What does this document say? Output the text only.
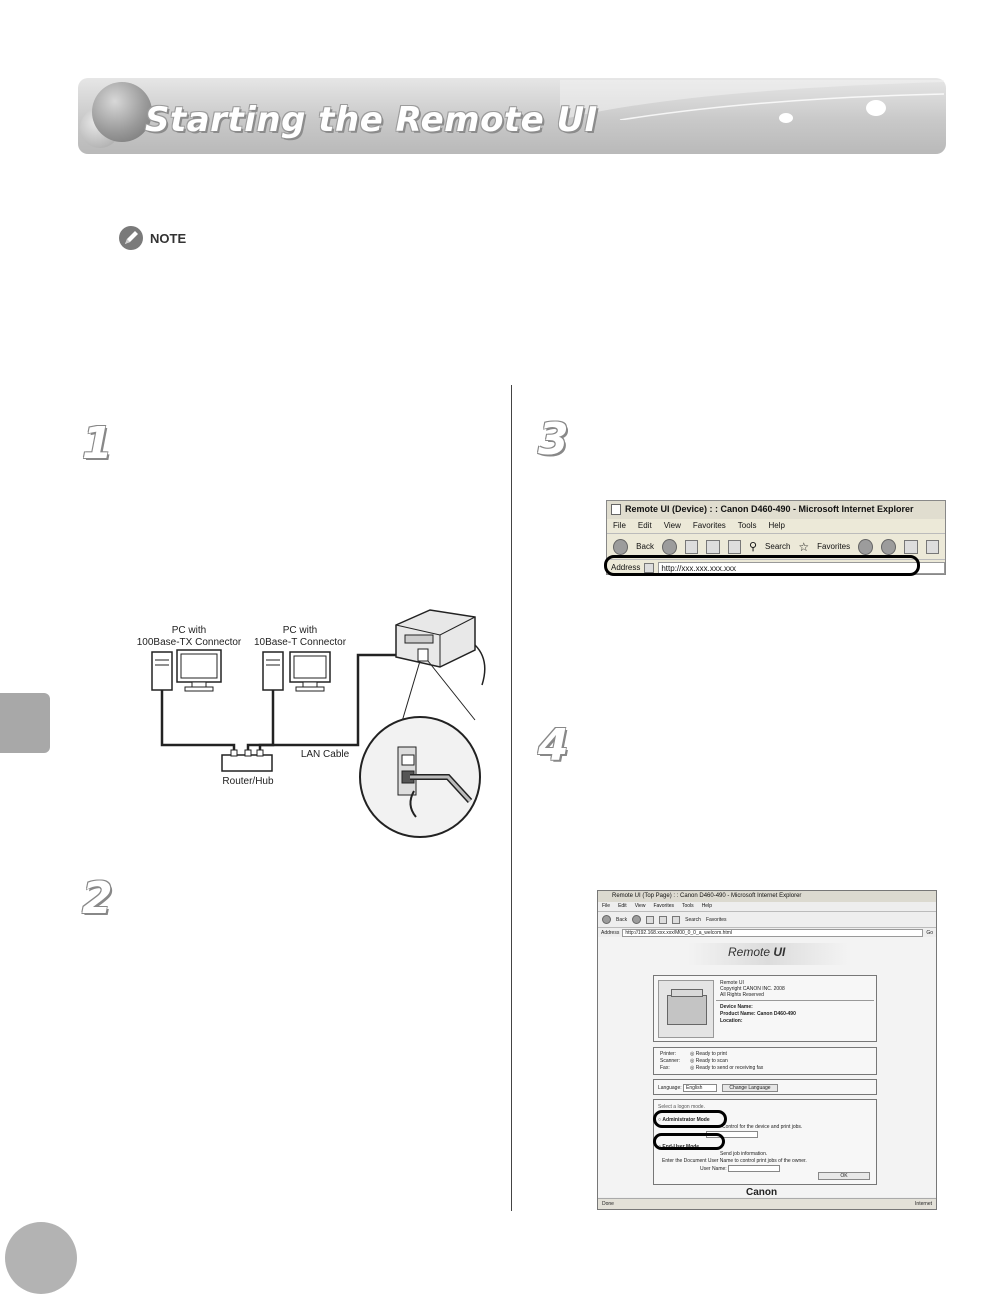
Starting the Remote UI
NOTE
1
2
3
4
PC with
100Base-TX Connector
PC with
10Base-T Connector
LAN Cable
Router/Hub
Remote UI (Device) : : Canon D460-490 - Microsoft Internet Explorer
File Edit View Favorites Tools Help
Back	⚲ Search ☆ Favorites
Address	http://xxx.xxx.xxx.xxx
Remote UI (Top Page) : : Canon D460-490 - Microsoft Internet Explorer
File Edit View Favorites Tools Help
Back	Search Favorites
Address	http://192.168.xxx.xxx/M00_0_0_a_welcom.html	Go
Remote UI
Remote UI
Copyright CANON INC. 2008
All Rights Reserved
Device Name:
Product Name: Canon D460-490
Location:
Printer:	◎ Ready to print
Scanner: ◎ Ready to scan
Fax:	◎ Ready to send or receiving fax
Language: English	Change Language
Select a logon mode.
○ Administrator Mode
Control for the device and print jobs.
○ End-User Mode
Send job information.
Enter the Document User Name to control print jobs of the owner.
User Name:
OK
Canon
Done	Internet
